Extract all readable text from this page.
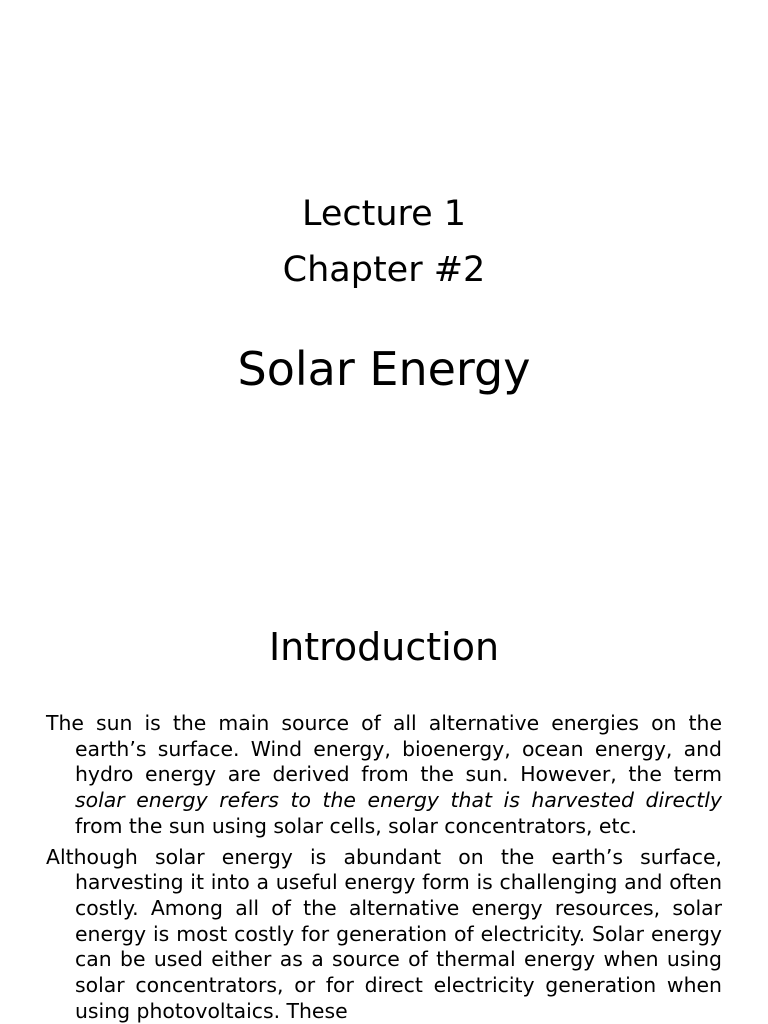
Lecture 1
Chapter #2
Solar Energy
Introduction

The sun is the main source of all alternative energies on the earth’s surface. Wind energy, bioenergy, ocean energy, and hydro energy are derived from the sun. However, the term solar energy refers to the energy that is harvested directly from the sun using solar cells, solar concentrators, etc.

Although solar energy is abundant on the earth’s surface, harvesting it into a useful energy form is challenging and often costly. Among all of the alternative energy resources, solar energy is most costly for generation of electricity. Solar energy can be used either as a source of thermal energy when using solar concentrators, or for direct electricity generation when using photovoltaics. These
